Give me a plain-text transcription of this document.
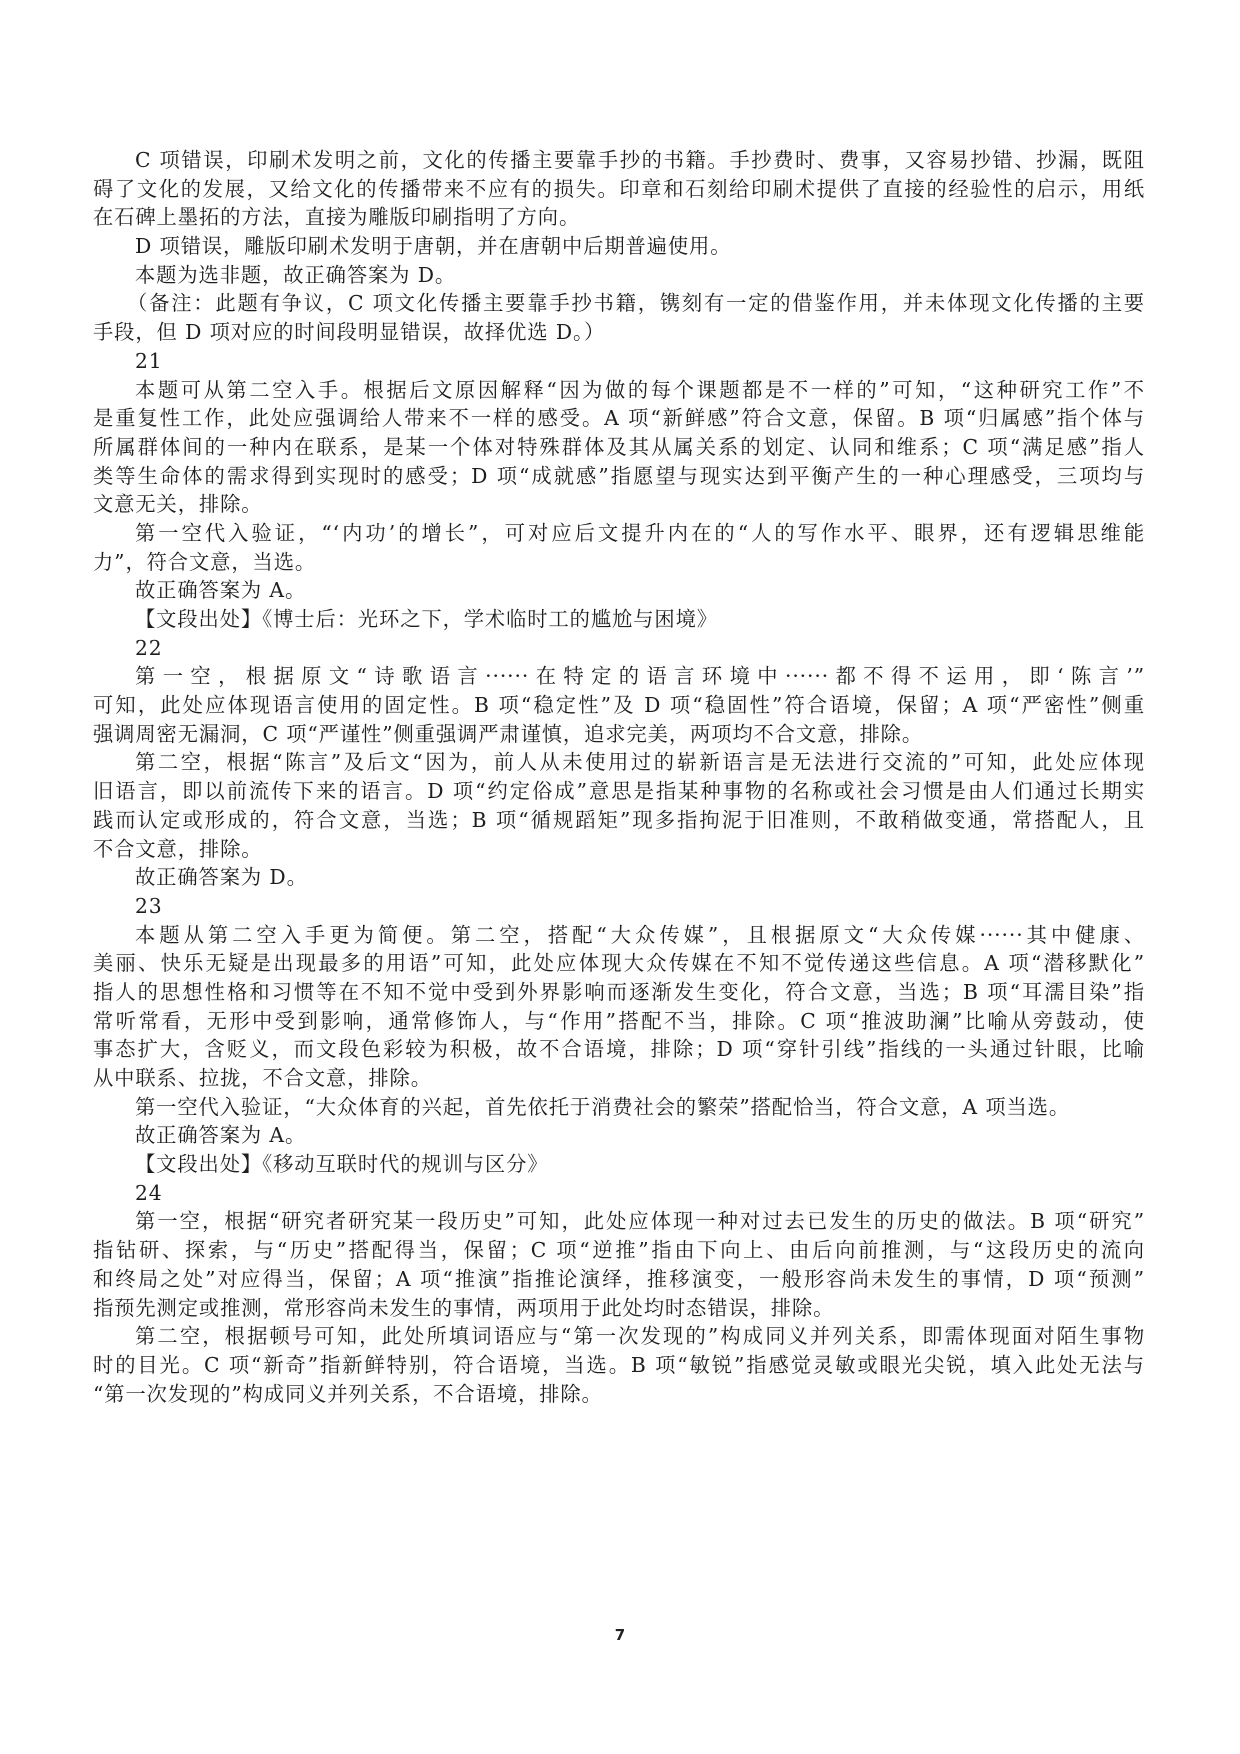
C 项错误，印刷术发明之前，文化的传播主要靠手抄的书籍。手抄费时、费事，又容易抄错、抄漏，既阻
碍了文化的发展，又给文化的传播带来不应有的损失。印章和石刻给印刷术提供了直接的经验性的启示，用纸
在石碑上墨拓的方法，直接为雕版印刷指明了方向。
D 项错误，雕版印刷术发明于唐朝，并在唐朝中后期普遍使用。
本题为选非题，故正确答案为 D。
（备注：此题有争议，C 项文化传播主要靠手抄书籍，镌刻有一定的借鉴作用，并未体现文化传播的主要
手段，但 D 项对应的时间段明显错误，故择优选 D。）
21
本题可从第二空入手。根据后文原因解释“因为做的每个课题都是不一样的”可知，“这种研究工作”不
是重复性工作，此处应强调给人带来不一样的感受。A 项“新鲜感”符合文意，保留。B 项“归属感”指个体与
所属群体间的一种内在联系，是某一个体对特殊群体及其从属关系的划定、认同和维系；C 项“满足感”指人
类等生命体的需求得到实现时的感受；D 项“成就感”指愿望与现实达到平衡产生的一种心理感受，三项均与
文意无关，排除。
第一空代入验证，“‘内功’的增长”，可对应后文提升内在的“人的写作水平、眼界，还有逻辑思维能
力”，符合文意，当选。
故正确答案为 A。
【文段出处】《博士后：光环之下，学术临时工的尴尬与困境》
22
第一空，根据原文“诗歌语言······在特定的语言环境中······都不得不运用，即‘陈言’”
可知，此处应体现语言使用的固定性。B 项“稳定性”及 D 项“稳固性”符合语境，保留；A 项“严密性”侧重
强调周密无漏洞，C 项“严谨性”侧重强调严肃谨慎，追求完美，两项均不合文意，排除。
第二空，根据“陈言”及后文“因为，前人从未使用过的崭新语言是无法进行交流的”可知，此处应体现
旧语言，即以前流传下来的语言。D 项“约定俗成”意思是指某种事物的名称或社会习惯是由人们通过长期实
践而认定或形成的，符合文意，当选；B 项“循规蹈矩”现多指拘泥于旧准则，不敢稍做变通，常搭配人，且
不合文意，排除。
故正确答案为 D。
23
本题从第二空入手更为简便。第二空，搭配“大众传媒”，且根据原文“大众传媒······其中健康、
美丽、快乐无疑是出现最多的用语”可知，此处应体现大众传媒在不知不觉传递这些信息。A 项“潜移默化”
指人的思想性格和习惯等在不知不觉中受到外界影响而逐渐发生变化，符合文意，当选；B 项“耳濡目染”指
常听常看，无形中受到影响，通常修饰人，与“作用”搭配不当，排除。C 项“推波助澜”比喻从旁鼓动，使
事态扩大，含贬义，而文段色彩较为积极，故不合语境，排除；D 项“穿针引线”指线的一头通过针眼，比喻
从中联系、拉拢，不合文意，排除。
第一空代入验证，“大众体育的兴起，首先依托于消费社会的繁荣”搭配恰当，符合文意，A 项当选。
故正确答案为 A。
【文段出处】《移动互联时代的规训与区分》
24
第一空，根据“研究者研究某一段历史”可知，此处应体现一种对过去已发生的历史的做法。B 项“研究”
指钻研、探索，与“历史”搭配得当，保留；C 项“逆推”指由下向上、由后向前推测，与“这段历史的流向
和终局之处”对应得当，保留；A 项“推演”指推论演绎，推移演变，一般形容尚未发生的事情，D 项“预测”
指预先测定或推测，常形容尚未发生的事情，两项用于此处均时态错误，排除。
第二空，根据顿号可知，此处所填词语应与“第一次发现的”构成同义并列关系，即需体现面对陌生事物
时的目光。C 项“新奇”指新鲜特别，符合语境，当选。B 项“敏锐”指感觉灵敏或眼光尖锐，填入此处无法与
“第一次发现的”构成同义并列关系，不合语境，排除。
7
